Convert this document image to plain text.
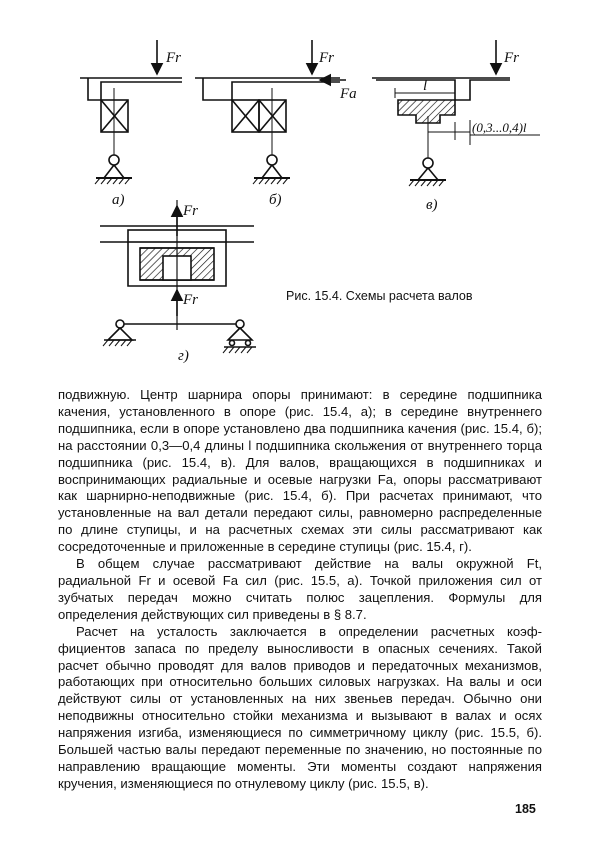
Fr	Fr
Fa
Fr
l
(0,3...0,4)l
Fr
Fr
а)	б)	в)
г)
Рис. 15.4. Схемы расчета валов

подвижную. Центр шарнира опоры принимают: в середине подшипника качения, установленного в опоре (рис. 15.4, а); в середине внутреннего подшипника, если в опоре установлено два подшипника качения (рис. 15.4, б); на расстоянии 0,3—0,4 длины l подшипника скольжения от внутреннего торца подшипника (рис. 15.4, в). Для валов, вращающихся в подшипниках и воспринимающих радиальные и осевые нагрузки Fa, опоры рассматривают как шарнирно-неподвижные (рис. 15.4, б). При расчетах принимают, что установленные на вал детали передают силы, равномерно распределенные по длине ступицы, и на расчетных схемах эти силы рассматривают как сосредоточенные и приложенные в середине ступицы (рис. 15.4, г).

В общем случае рассматривают действие на валы окружной Ft, радиальной Fr и осевой Fa сил (рис. 15.5, а). Точкой приложения сил от зубчатых передач можно считать полюс зацепления. Формулы для определения действующих сил приведены в § 8.7.

Расчет на усталость заключается в определении расчетных коэффициентов запаса по пределу выносливости в опасных сечениях. Такой расчет обычно проводят для валов приводов и передаточных механизмов, работающих при относительно больших силовых нагрузках. На валы и оси действуют силы от установленных на них звеньев передач. Обычно они неподвижны относительно стойки механизма и вызывают в валах и осях напряжения изгиба, изменяющиеся по симметричному циклу (рис. 15.5, б). Большей частью валы передают переменные по значению, но постоянные по направлению вращающие моменты. Эти моменты создают напряжения кручения, изменяющиеся по отнулевому циклу (рис. 15.5, в).

185
